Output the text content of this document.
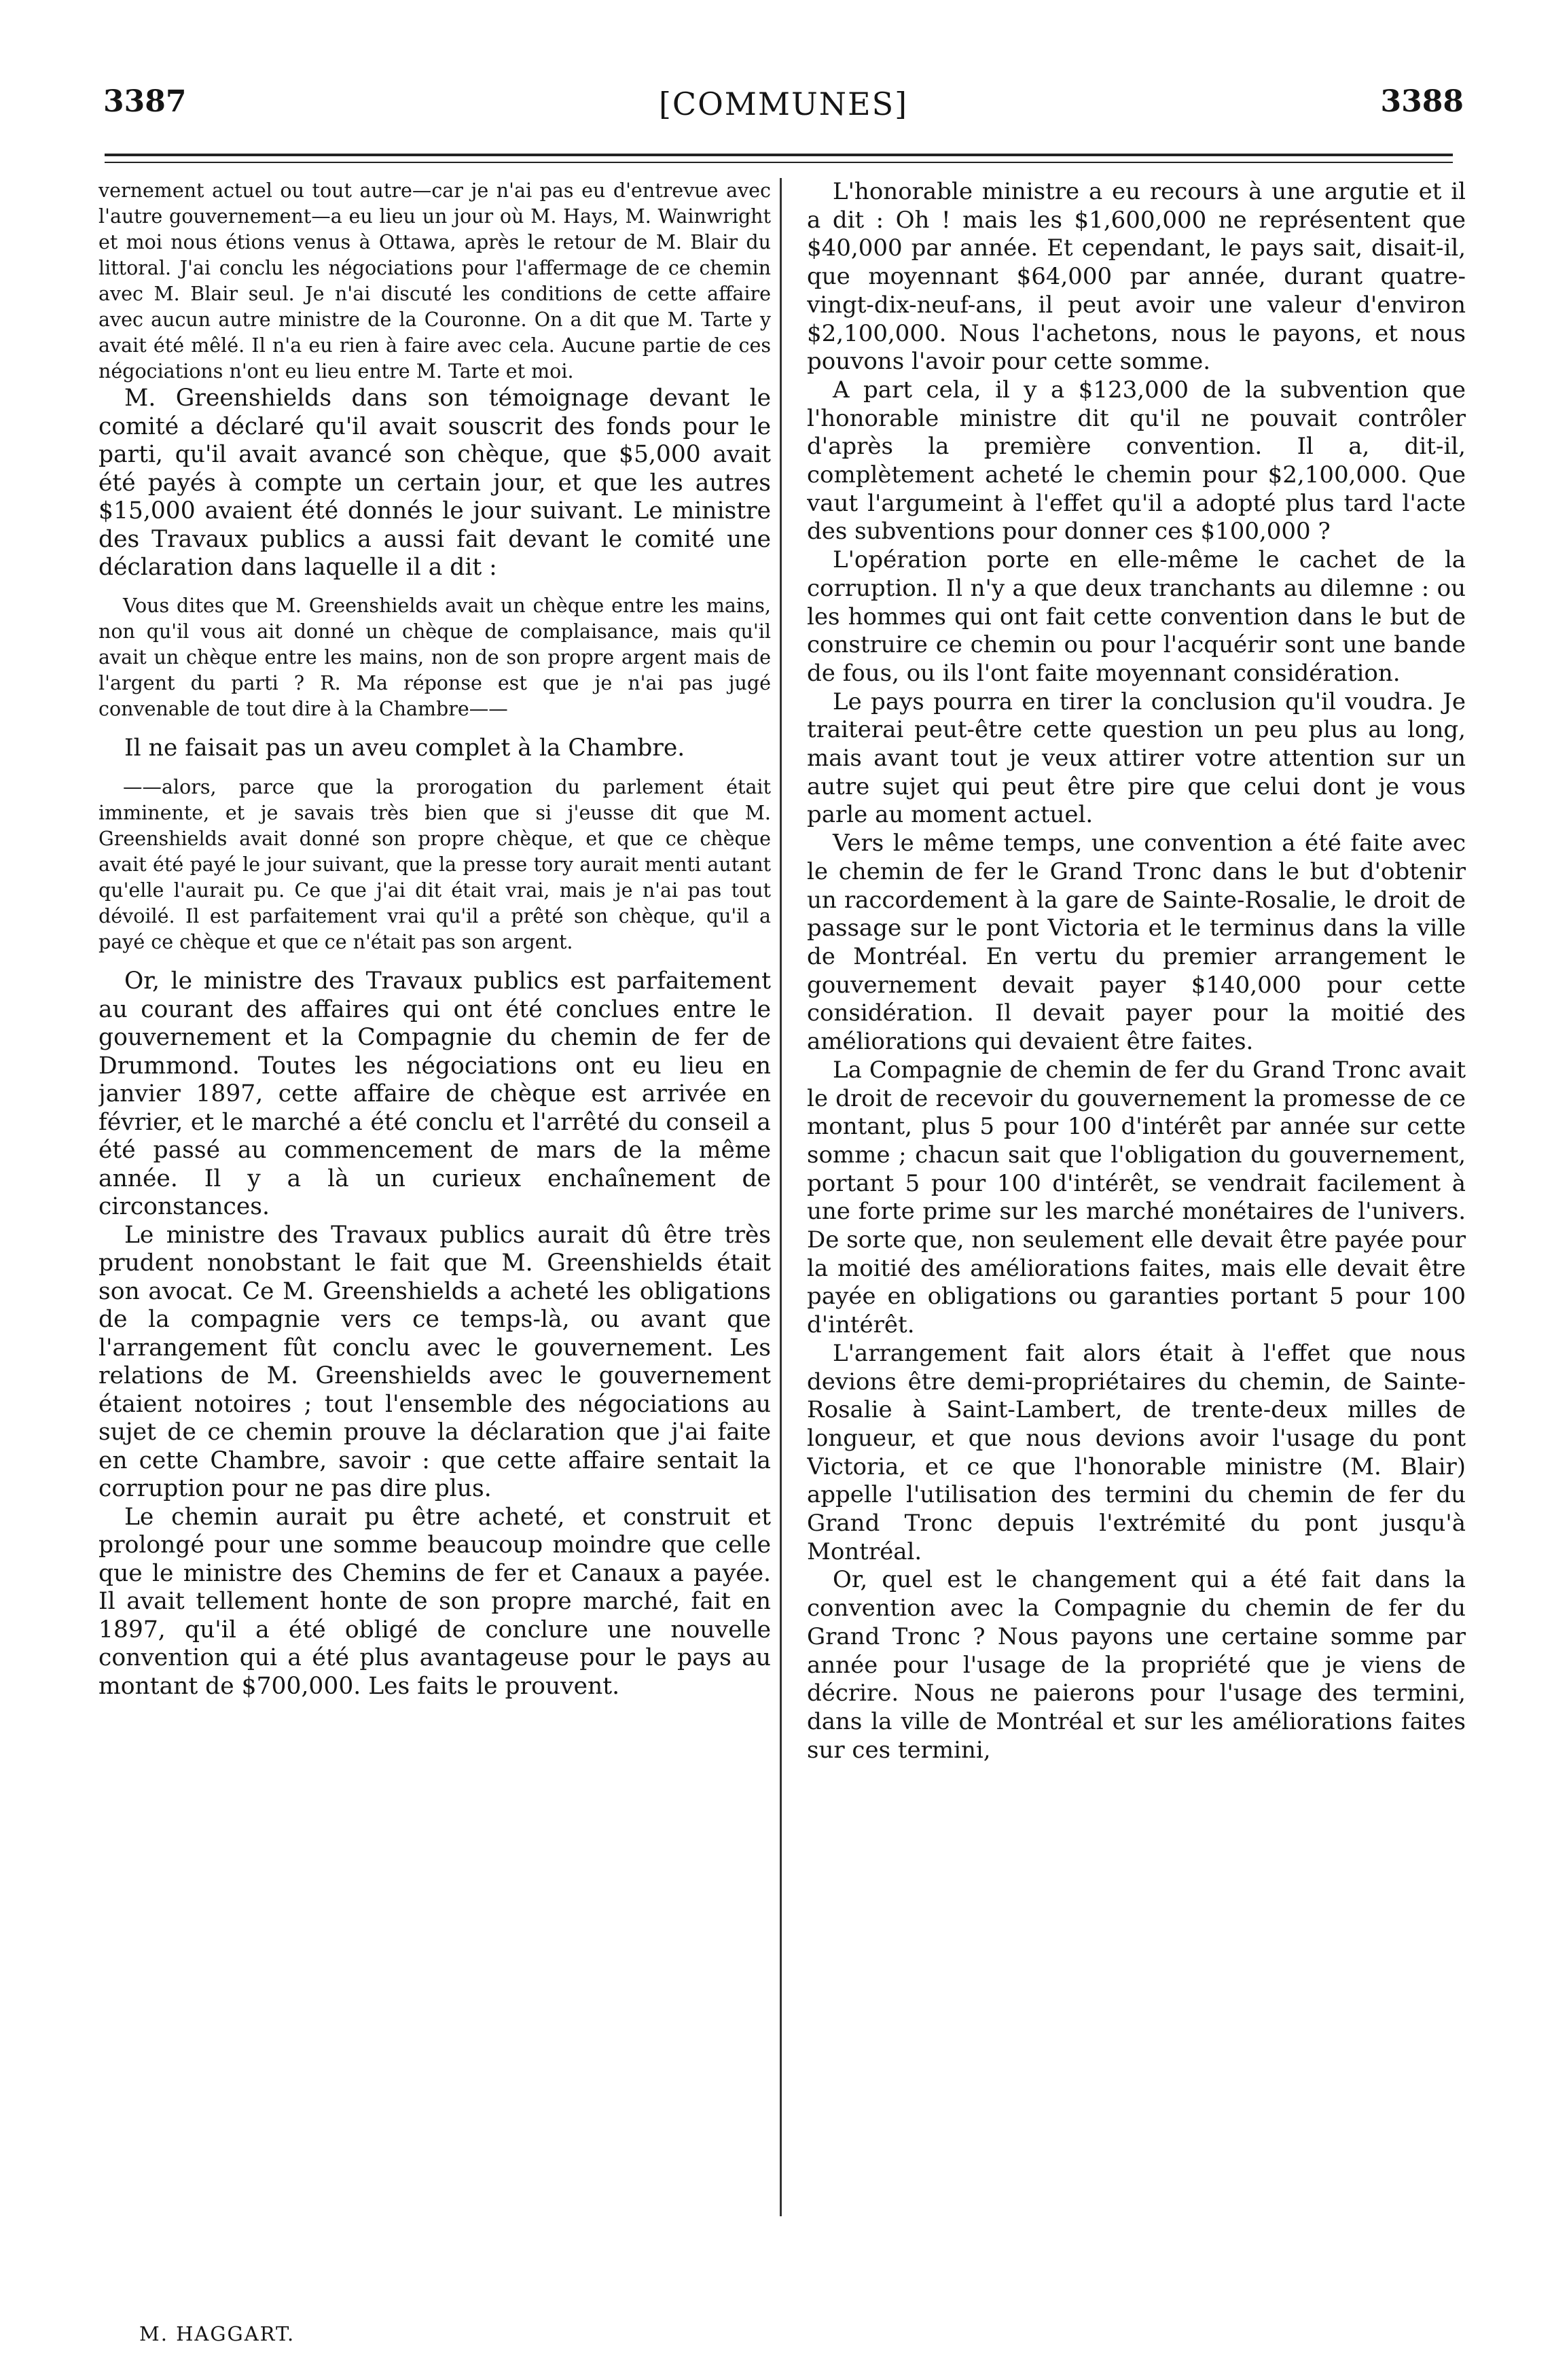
3387	[COMMUNES]	3388

vernement actuel ou tout autre—car je n'ai pas eu d'entrevue avec l'autre gouvernement—a eu lieu un jour où M. Hays, M. Wainwright et moi nous étions venus à Ottawa, après le retour de M. Blair du littoral. J'ai conclu les négociations pour l'affermage de ce chemin avec M. Blair seul. Je n'ai discuté les conditions de cette affaire avec aucun autre ministre de la Couronne. On a dit que M. Tarte y avait été mêlé. Il n'a eu rien à faire avec cela. Aucune partie de ces négociations n'ont eu lieu entre M. Tarte et moi.

M. Greenshields dans son témoignage devant le comité a déclaré qu'il avait souscrit des fonds pour le parti, qu'il avait avancé son chèque, que $5,000 avait été payés à compte un certain jour, et que les autres $15,000 avaient été donnés le jour suivant. Le ministre des Travaux publics a aussi fait devant le comité une déclaration dans laquelle il a dit :

Vous dites que M. Greenshields avait un chèque entre les mains, non qu'il vous ait donné un chèque de complaisance, mais qu'il avait un chèque entre les mains, non de son propre argent mais de l'argent du parti ? R. Ma réponse est que je n'ai pas jugé convenable de tout dire à la Chambre——

Il ne faisait pas un aveu complet à la Chambre.

——alors, parce que la prorogation du parlement était imminente, et je savais très bien que si j'eusse dit que M. Greenshields avait donné son propre chèque, et que ce chèque avait été payé le jour suivant, que la presse tory aurait menti autant qu'elle l'aurait pu. Ce que j'ai dit était vrai, mais je n'ai pas tout dévoilé. Il est parfaitement vrai qu'il a prêté son chèque, qu'il a payé ce chèque et que ce n'était pas son argent.

Or, le ministre des Travaux publics est parfaitement au courant des affaires qui ont été conclues entre le gouvernement et la Compagnie du chemin de fer de Drummond. Toutes les négociations ont eu lieu en janvier 1897, cette affaire de chèque est arrivée en février, et le marché a été conclu et l'arrêté du conseil a été passé au commencement de mars de la même année. Il y a là un curieux enchaînement de circonstances.

Le ministre des Travaux publics aurait dû être très prudent nonobstant le fait que M. Greenshields était son avocat. Ce M. Greenshields a acheté les obligations de la compagnie vers ce temps-là, ou avant que l'arrangement fût conclu avec le gouvernement. Les relations de M. Greenshields avec le gouvernement étaient notoires ; tout l'ensemble des négociations au sujet de ce chemin prouve la déclaration que j'ai faite en cette Chambre, savoir : que cette affaire sentait la corruption pour ne pas dire plus.

Le chemin aurait pu être acheté, et construit et prolongé pour une somme beaucoup moindre que celle que le ministre des Chemins de fer et Canaux a payée. Il avait tellement honte de son propre marché, fait en 1897, qu'il a été obligé de conclure une nouvelle convention qui a été plus avantageuse pour le pays au montant de $700,000. Les faits le prouvent.

L'honorable ministre a eu recours à une argutie et il a dit : Oh ! mais les $1,600,000 ne représentent que $40,000 par année. Et cependant, le pays sait, disait-il, que moyennant $64,000 par année, durant quatre-vingt-dix-neuf-ans, il peut avoir une valeur d'environ $2,100,000. Nous l'achetons, nous le payons, et nous pouvons l'avoir pour cette somme.

A part cela, il y a $123,000 de la subvention que l'honorable ministre dit qu'il ne pouvait contrôler d'après la première convention. Il a, dit-il, complètement acheté le chemin pour $2,100,000. Que vaut l'argumeint à l'effet qu'il a adopté plus tard l'acte des subventions pour donner ces $100,000 ?

L'opération porte en elle-même le cachet de la corruption. Il n'y a que deux tranchants au dilemne : ou les hommes qui ont fait cette convention dans le but de construire ce chemin ou pour l'acquérir sont une bande de fous, ou ils l'ont faite moyennant considération.

Le pays pourra en tirer la conclusion qu'il voudra. Je traiterai peut-être cette question un peu plus au long, mais avant tout je veux attirer votre attention sur un autre sujet qui peut être pire que celui dont je vous parle au moment actuel.

Vers le même temps, une convention a été faite avec le chemin de fer le Grand Tronc dans le but d'obtenir un raccordement à la gare de Sainte-Rosalie, le droit de passage sur le pont Victoria et le terminus dans la ville de Montréal. En vertu du premier arrangement le gouvernement devait payer $140,000 pour cette considération. Il devait payer pour la moitié des améliorations qui devaient être faites.

La Compagnie de chemin de fer du Grand Tronc avait le droit de recevoir du gouvernement la promesse de ce montant, plus 5 pour 100 d'intérêt par année sur cette somme ; chacun sait que l'obligation du gouvernement, portant 5 pour 100 d'intérêt, se vendrait facilement à une forte prime sur les marché monétaires de l'univers. De sorte que, non seulement elle devait être payée pour la moitié des améliorations faites, mais elle devait être payée en obligations ou garanties portant 5 pour 100 d'intérêt.

L'arrangement fait alors était à l'effet que nous devions être demi-propriétaires du chemin, de Sainte-Rosalie à Saint-Lambert, de trente-deux milles de longueur, et que nous devions avoir l'usage du pont Victoria, et ce que l'honorable ministre (M. Blair) appelle l'utilisation des termini du chemin de fer du Grand Tronc depuis l'extrémité du pont jusqu'à Montréal.

Or, quel est le changement qui a été fait dans la convention avec la Compagnie du chemin de fer du Grand Tronc ? Nous payons une certaine somme par année pour l'usage de la propriété que je viens de décrire. Nous ne paierons pour l'usage des termini, dans la ville de Montréal et sur les améliorations faites sur ces termini,

M. HAGGART.
